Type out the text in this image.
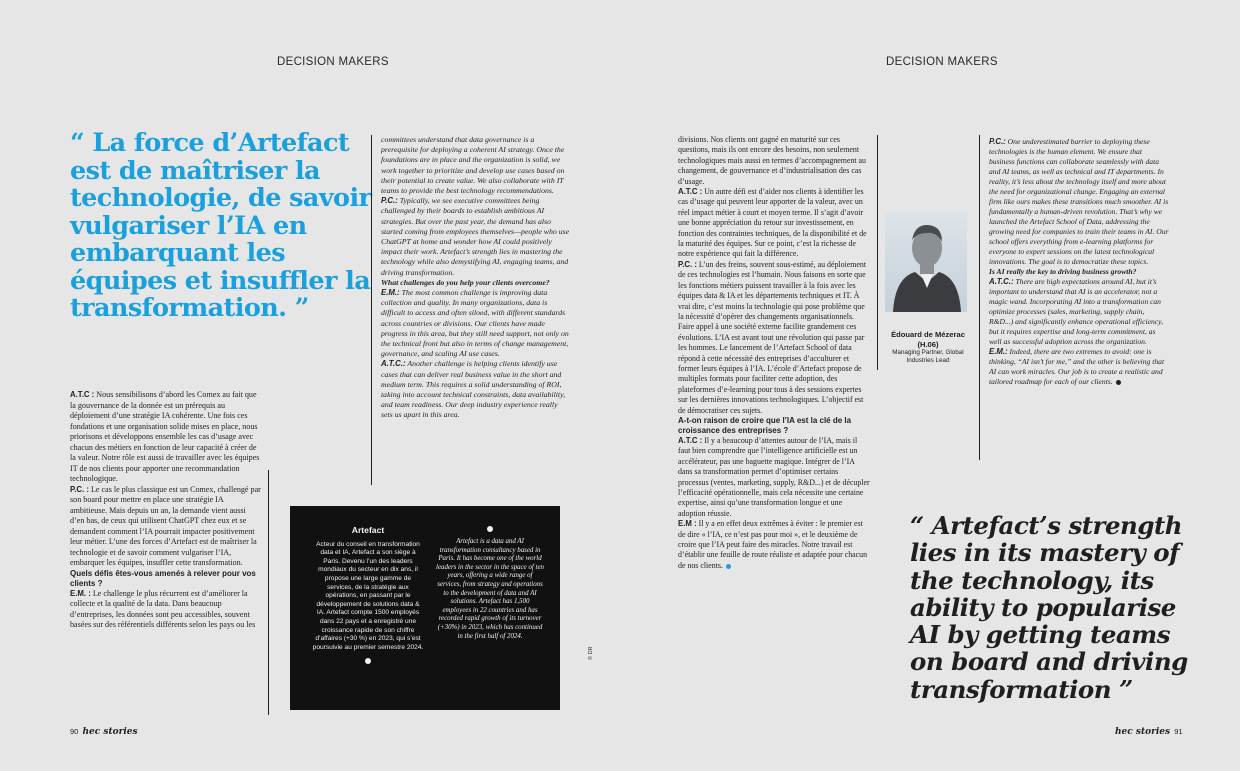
DECISION MAKERS	DECISION MAKERS
“ La force d’Artefact est de maîtriser la technologie, de savoir vulgariser l’IA en embarquant les équipes et insuffler la transformation. ”

A.T.C : Nous sensibilisons d’abord les Comex au fait que la gouvernance de la donnée est un prérequis au déploiement d’une stratégie IA cohérente. Une fois ces fondations et une organisation solide mises en place, nous priorisons et développons ensemble les cas d’usage avec chacun des métiers en fonction de leur capacité à créer de la valeur. Notre rôle est aussi de travailler avec les équipes IT de nos clients pour apporter une recommandation technologique.

P.C. : Le cas le plus classique est un Comex, challengé par son board pour mettre en place une stratégie IA ambitieuse. Mais depuis un an, la demande vient aussi d’en bas, de ceux qui utilisent ChatGPT chez eux et se demandent comment l’IA pourrait impacter positivement leur métier. L’une des forces d’Artefact est de maîtriser la technologie et de savoir comment vulgariser l’IA, embarquer les équipes, insuffler cette transformation.

Quels défis êtes-vous amenés à relever pour vos clients ?

E.M. : Le challenge le plus récurrent est d’améliorer la collecte et la qualité de la data. Dans beaucoup d’entreprises, les données sont peu accessibles, souvent basées sur des référentiels différents selon les pays ou les

committees understand that data governance is a prerequisite for deploying a coherent AI strategy. Once the foundations are in place and the organization is solid, we work together to prioritize and develop use cases based on their potential to create value. We also collaborate with IT teams to provide the best technology recommendations.

P.C.: Typically, we see executive committees being challenged by their boards to establish ambitious AI strategies. But over the past year, the demand has also started coming from employees themselves—people who use ChatGPT at home and wonder how AI could positively impact their work. Artefact’s strength lies in mastering the technology while also demystifying AI, engaging teams, and driving transformation.

What challenges do you help your clients overcome?

E.M.: The most common challenge is improving data collection and quality. In many organizations, data is difficult to access and often siloed, with different standards across countries or divisions. Our clients have made progress in this area, but they still need support, not only on the technical front but also in terms of change management, governance, and scaling AI use cases.

A.T.C.: Another challenge is helping clients identify use cases that can deliver real business value in the short and medium term. This requires a solid understanding of ROI, taking into account technical constraints, data availability, and team readiness. Our deep industry experience really sets us apart in this area.

Artefact
Acteur du conseil en transformation data et IA, Artefact a son siège à Paris. Devenu l’un des leaders mondiaux du secteur en dix ans, il propose une large gamme de services, de la stratégie aux opérations, en passant par le développement de solutions data & IA. Artefact compte 1500 employés dans 22 pays et a enregistré une croissance rapide de son chiffre d’affaires (+30 %) en 2023, qui s’est poursuivie au premier semestre 2024.
Artefact is a data and AI transformation consultancy based in Paris. It has become one of the world leaders in the sector in the space of ten years, offering a wide range of services, from strategy and operations to the development of data and AI solutions. Artefact has 1,500 employees in 22 countries and has recorded rapid growth of its turnover (+30%) in 2023, which has continued in the first half of 2024.
© DR

divisions. Nos clients ont gagné en maturité sur ces questions, mais ils ont encore des besoins, non seulement technologiques mais aussi en termes d’accompagnement au changement, de gouvernance et d’industrialisation des cas d’usage.

A.T.C : Un autre défi est d’aider nos clients à identifier les cas d’usage qui peuvent leur apporter de la valeur, avec un réel impact métier à court et moyen terme. Il s’agit d’avoir une bonne appréciation du retour sur investissement, en fonction des contraintes techniques, de la disponibilité et de la maturité des équipes. Sur ce point, c’est la richesse de notre expérience qui fait la différence.

P.C. : L’un des freins, souvent sous-estimé, au déploiement de ces technologies est l’humain. Nous faisons en sorte que les fonctions métiers puissent travailler à la fois avec les équipes data & IA et les départements techniques et IT. À vrai dire, c’est moins la technologie qui pose problème que la nécessité d’opérer des changements organisationnels. Faire appel à une société externe facilite grandement ces évolutions. L’IA est avant tout une révolution qui passe par les hommes. Le lancement de l’Artefact School of data répond à cette nécessité des entreprises d’acculturer et former leurs équipes à l’IA. L’école d’Artefact propose de multiples formats pour faciliter cette adoption, des plateformes d’e-learning pour tous à des sessions expertes sur les dernières innovations technologiques. L’objectif est de démocratiser ces sujets.

A-t-on raison de croire que l’IA est la clé de la croissance des entreprises ?

A.T.C : Il y a beaucoup d’attentes autour de l’IA, mais il faut bien comprendre que l’intelligence artificielle est un accélérateur, pas une baguette magique. Intégrer de l’IA dans sa transformation permet d’optimiser certains processus (ventes, marketing, supply, R&D...) et de décupler l’efficacité opérationnelle, mais cela nécessite une certaine expertise, ainsi qu’une transformation longue et une adoption réussie.

E.M : Il y a en effet deux extrêmes à éviter : le premier est de dire « l’IA, ce n’est pas pour moi », et le deuxième de croire que l’IA peut faire des miracles. Notre travail est d’établir une feuille de route réaliste et adaptée pour chacun de nos clients.

Édouard de Mézerac (H.06)
Managing Partner, Global Industries Lead

P.C.: One underestimated barrier to deploying these technologies is the human element. We ensure that business functions can collaborate seamlessly with data and AI teams, as well as technical and IT departments. In reality, it’s less about the technology itself and more about the need for organizational change. Engaging an external firm like ours makes these transitions much smoother. AI is fundamentally a human-driven revolution. That’s why we launched the Artefact School of Data, addressing the growing need for companies to train their teams in AI. Our school offers everything from e-learning platforms for everyone to expert sessions on the latest technological innovations. The goal is to democratize these topics.

Is AI really the key to driving business growth?

A.T.C.: There are high expectations around AI, but it’s important to understand that AI is an accelerator, not a magic wand. Incorporating AI into a transformation can optimize processes (sales, marketing, supply chain, R&D...) and significantly enhance operational efficiency, but it requires expertise and long-term commitment, as well as successful adoption across the organization.

E.M.: Indeed, there are two extremes to avoid: one is thinking, “AI isn’t for me,” and the other is believing that AI can work miracles. Our job is to create a realistic and tailored roadmap for each of our clients.

“ Artefact’s strength lies in its mastery of the technology, its ability to popularise AI by getting teams on board and driving transformation ”
90 hec stories	hec stories 91
